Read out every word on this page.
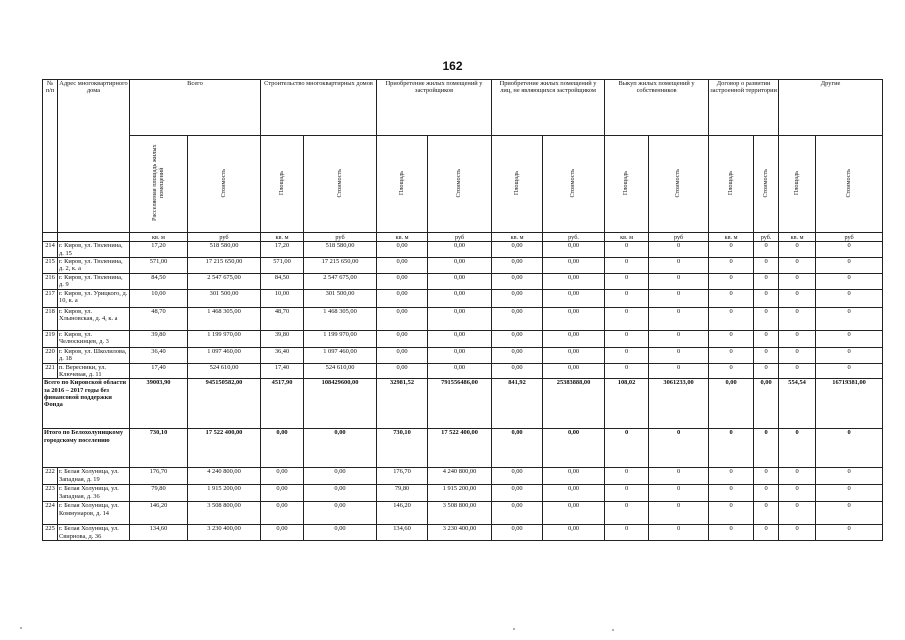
162
№ п/п	Адрес многоквартирного дома	Всего		Строительство многоквартирных домов		Приобретение жилых помещений у застройщиков		Приобретение жилых помещений у лиц, не являющихся застройщиком		Выкуп жилых помещений у собственников		Договор о развитии застроенной территории		Другие	
		Расселяемая площадь жилых помещений	Стоимость	Площадь	Стоимость	Площадь	Стоимость	Площадь	Стоимость	Площадь	Стоимость	Площадь	Стоимость	Площадь	Стоимость
		кв. м	руб	кв. м	руб	кв. м	руб	кв. м	руб.	кв. м	руб	кв. м	руб.	кв. м	руб
214	г. Киров, ул. Тюленина, д. 15	17,20	518 580,00	17,20	518 580,00	0,00	0,00	0,00	0,00	0	0	0	0	0	0
215	г. Киров, ул. Тюленина, д. 2, к. а	571,00	17 215 650,00	571,00	17 215 650,00	0,00	0,00	0,00	0,00	0	0	0	0	0	0
216	г. Киров, ул. Тюленина, д. 9	84,50	2 547 675,00	84,50	2 547 675,00	0,00	0,00	0,00	0,00	0	0	0	0	0	0
217	г. Киров, ул. Урицкого, д. 10, к. а	10,00	301 500,00	10,00	301 500,00	0,00	0,00	0,00	0,00	0	0	0	0	0	0
218	г. Киров, ул. Хлыновская, д. 4, к. а	48,70	1 468 305,00	48,70	1 468 305,00	0,00	0,00	0,00	0,00	0	0	0	0	0	0
219	г. Киров, ул. Челюскинцев, д. 3	39,80	1 199 970,00	39,80	1 199 970,00	0,00	0,00	0,00	0,00	0	0	0	0	0	0
220	г. Киров, ул. Школилова, д. 18	36,40	1 097 460,00	36,40	1 097 460,00	0,00	0,00	0,00	0,00	0	0	0	0	0	0
221	п. Вересники, ул. Ключевая, д. 11	17,40	524 610,00	17,40	524 610,00	0,00	0,00	0,00	0,00	0	0	0	0	0	0
Всего по Кировской области за 2016 – 2017 годы без финансовой поддержки Фонда		39003,90	945150582,00	4517,90	108429600,00	32981,52	791556486,00	841,92	25383888,00	108,02	3061233,00	0,00	0,00	554,54	16719381,00
Итого по Белохолуницкому городскому поселению		730,10	17 522 400,00	0,00	0,00	730,10	17 522 400,00	0,00	0,00	0	0	0	0	0	0
222	г. Белая Холуница, ул. Западная, д. 19	176,70	4 240 800,00	0,00	0,00	176,70	4 240 800,00	0,00	0,00	0	0	0	0	0	0
223	г. Белая Холуница, ул. Западная, д. 36	79,80	1 915 200,00	0,00	0,00	79,80	1 915 200,00	0,00	0,00	0	0	0	0	0	0
224	г. Белая Холуница, ул. Коммунаров, д. 14	146,20	3 508 800,00	0,00	0,00	146,20	3 508 800,00	0,00	0,00	0	0	0	0	0	0
225	г. Белая Холуница, ул. Свирнова, д. 36	134,60	3 230 400,00	0,00	0,00	134,60	3 230 400,00	0,00	0,00	0	0	0	0	0	0
